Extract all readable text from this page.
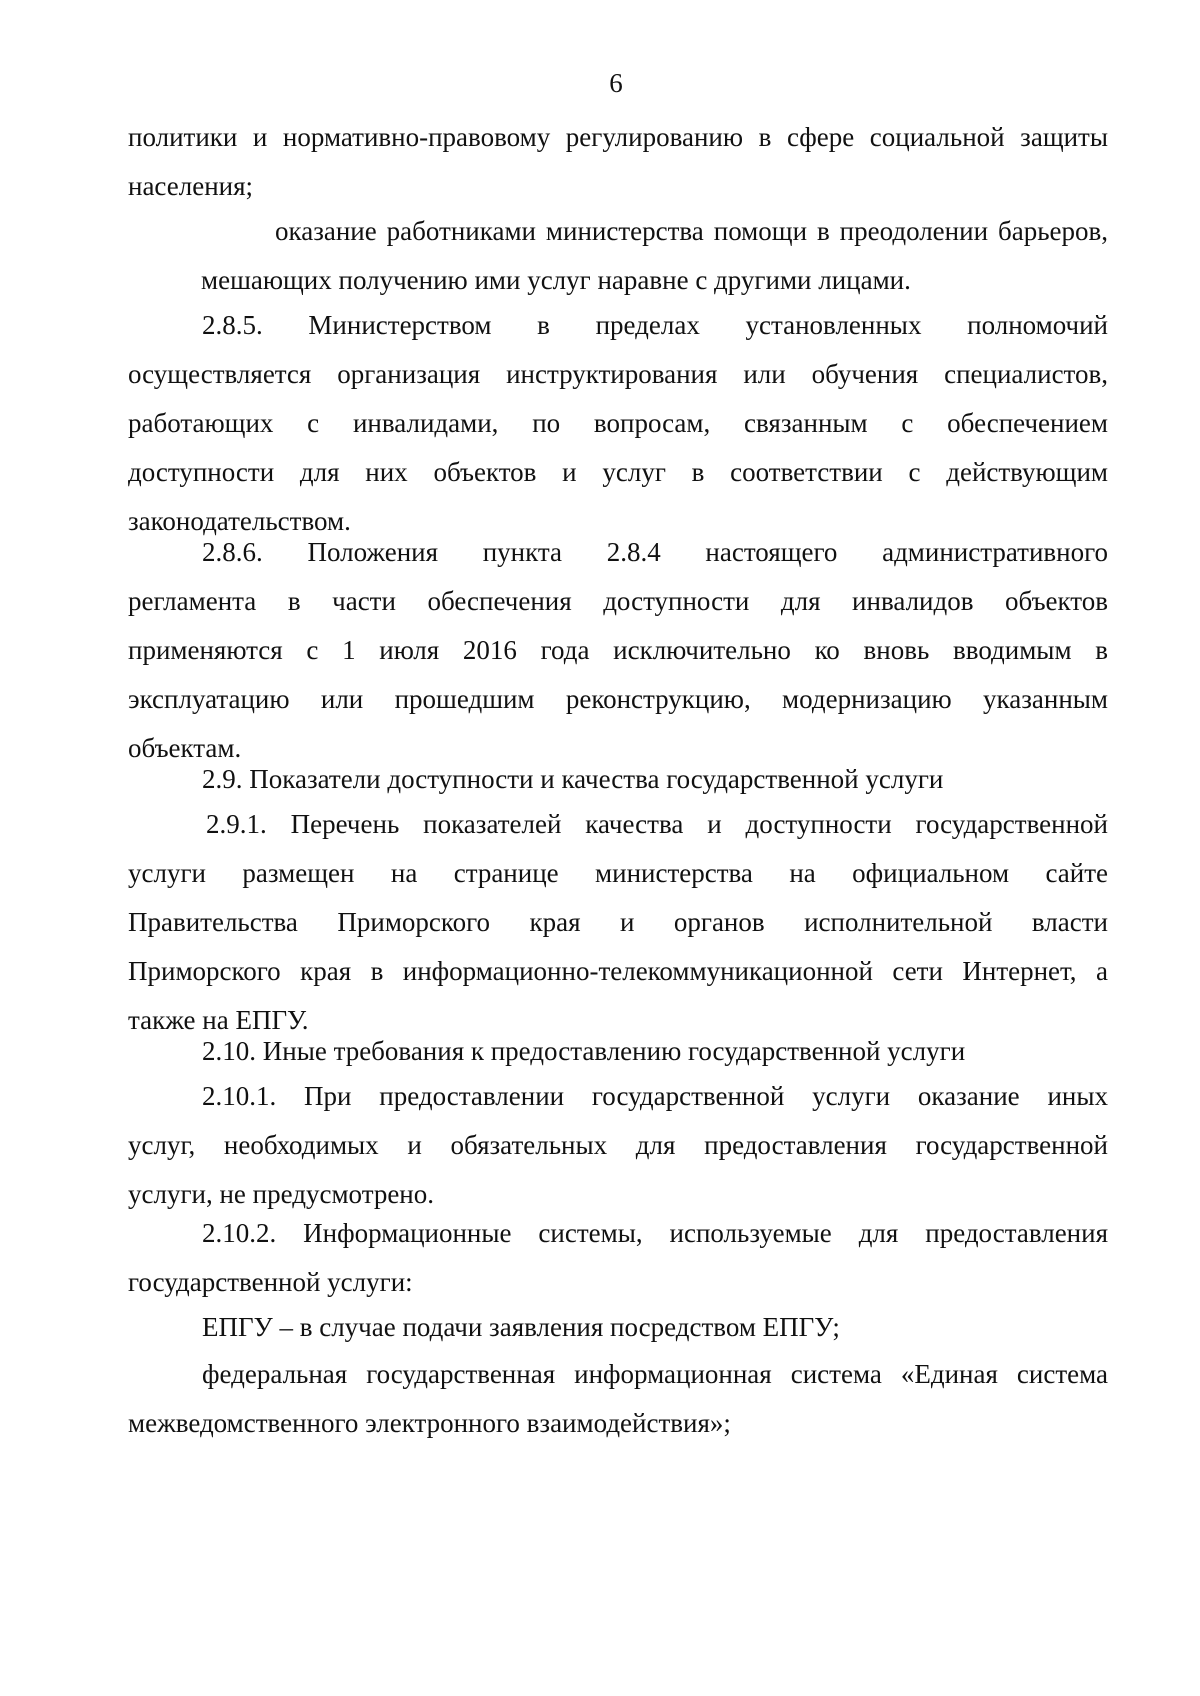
6
политики и нормативно-правовому регулированию в сфере социальной защиты
населения;
оказание работниками министерства помощи в преодолении барьеров,
мешающих получению ими услуг наравне с другими лицами.
2.8.5. Министерством в пределах установленных полномочий
осуществляется организация инструктирования или обучения специалистов,
работающих с инвалидами, по вопросам, связанным с обеспечением
доступности для них объектов и услуг в соответствии с действующим
законодательством.
2.8.6. Положения пункта 2.8.4 настоящего административного
регламента в части обеспечения доступности для инвалидов объектов
применяются с 1 июля 2016 года исключительно ко вновь вводимым в
эксплуатацию или прошедшим реконструкцию, модернизацию указанным
объектам.
2.9. Показатели доступности и качества государственной услуги
2.9.1. Перечень показателей качества и доступности государственной
услуги размещен на странице министерства на официальном сайте
Правительства Приморского края и органов исполнительной власти
Приморского края в информационно-телекоммуникационной сети Интернет, а
также на ЕПГУ.
2.10. Иные требования к предоставлению государственной услуги
2.10.1. При предоставлении государственной услуги оказание иных
услуг, необходимых и обязательных для предоставления государственной
услуги, не предусмотрено.
2.10.2. Информационные системы, используемые для предоставления
государственной услуги:
ЕПГУ – в случае подачи заявления посредством ЕПГУ;
федеральная государственная информационная система «Единая система
межведомственного электронного взаимодействия»;
